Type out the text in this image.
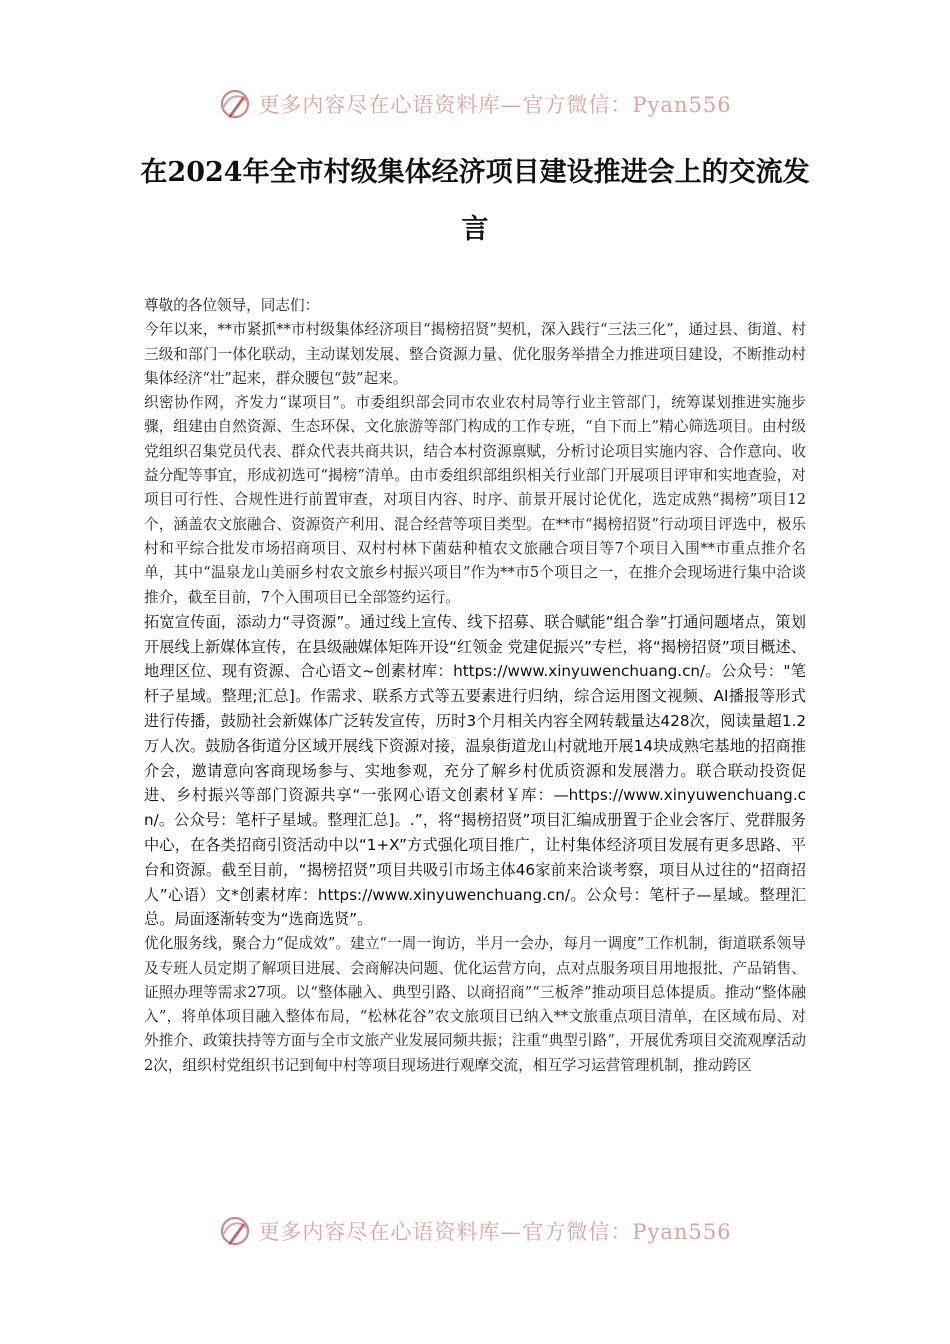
更多内容尽在心语资料库—官方微信：Pyan556
在2024年全市村级集体经济项目建设推进会上的交流发言

尊敬的各位领导，同志们：

今年以来，**市紧抓**市村级集体经济项目“揭榜招贤”契机，深入践行“三法三化”，通过县、街道、村三级和部门一体化联动，主动谋划发展、整合资源力量、优化服务举措全力推进项目建设，不断推动村集体经济“壮”起来，群众腰包“鼓”起来。

织密协作网，齐发力“谋项目”。市委组织部会同市农业农村局等行业主管部门，统筹谋划推进实施步骤，组建由自然资源、生态环保、文化旅游等部门构成的工作专班，“自下而上”精心筛选项目。由村级党组织召集党员代表、群众代表共商共识，结合本村资源禀赋，分析讨论项目实施内容、合作意向、收益分配等事宜，形成初选可“揭榜”清单。由市委组织部组织相关行业部门开展项目评审和实地查验，对项目可行性、合规性进行前置审查，对项目内容、时序、前景开展讨论优化，选定成熟“揭榜”项目12个，涵盖农文旅融合、资源资产利用、混合经营等项目类型。在**市“揭榜招贤”行动项目评选中，极乐村和平综合批发市场招商项目、双村村林下菌菇种植农文旅融合项目等7个项目入围**市重点推介名单，其中“温泉龙山美丽乡村农文旅乡村振兴项目”作为**市5个项目之一，在推介会现场进行集中洽谈推介，截至目前，7个入围项目已全部签约运行。

拓宽宣传面，添动力“寻资源”。通过线上宣传、线下招募、联合赋能“组合拳”打通问题堵点，策划开展线上新媒体宣传，在县级融媒体矩阵开设“红领金 党建促振兴”专栏，将“揭榜招贤”项目概述、地理区位、现有资源、合心语文~创素材库：https://www.xinyuwenchuang.cn/。公众号："笔杆子星域。整理;汇总]。作需求、联系方式等五要素进行归纳，综合运用图文视频、AI播报等形式进行传播，鼓励社会新媒体广泛转发宣传，历时3个月相关内容全网转载量达428次，阅读量超1.2万人次。鼓励各街道分区域开展线下资源对接，温泉街道龙山村就地开展14块成熟宅基地的招商推介会，邀请意向客商现场参与、实地参观，充分了解乡村优质资源和发展潜力。联合联动投资促进、乡村振兴等部门资源共享“一张网心语文创素材￥库：—https://www.xinyuwenchuang.cn/。公众号：笔杆子星域。整理汇总]。.”，将“揭榜招贤”项目汇编成册置于企业会客厅、党群服务中心，在各类招商引资活动中以“1+X”方式强化项目推广，让村集体经济项目发展有更多思路、平台和资源。截至目前，“揭榜招贤”项目共吸引市场主体46家前来洽谈考察，项目从过往的“招商招人”心语）文*创素材库：https://www.xinyuwenchuang.cn/。公众号：笔杆子—星域。整理汇总。局面逐渐转变为“选商选贤”。

优化服务线，聚合力“促成效”。建立“一周一询访，半月一会办，每月一调度”工作机制，街道联系领导及专班人员定期了解项目进展、会商解决问题、优化运营方向，点对点服务项目用地报批、产品销售、证照办理等需求27项。以“整体融入、典型引路、以商招商”“三板斧”推动项目总体提质。推动“整体融入”，将单体项目融入整体布局，“松林花谷”农文旅项目已纳入**文旅重点项目清单，在区域布局、对外推介、政策扶持等方面与全市文旅产业发展同频共振；注重“典型引路”，开展优秀项目交流观摩活动2次，组织村党组织书记到甸中村等项目现场进行观摩交流，相互学习运营管理机制，推动跨区

更多内容尽在心语资料库—官方微信：Pyan556
